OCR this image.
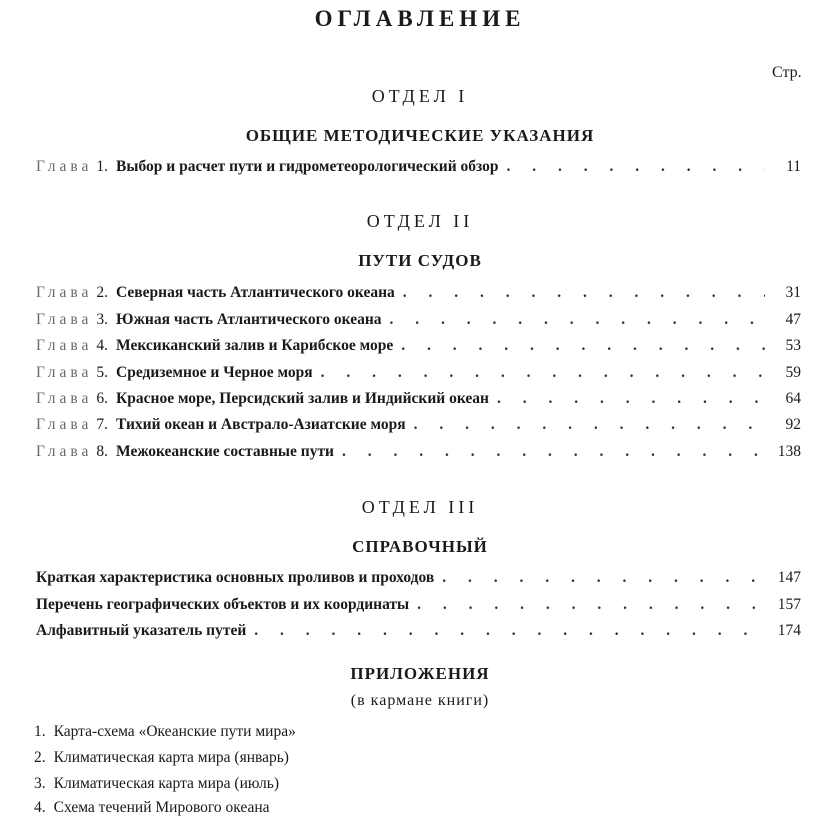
ОГЛАВЛЕНИЕ
Стр.
ОТДЕЛ I
ОБЩИЕ МЕТОДИЧЕСКИЕ УКАЗАНИЯ
Глава 1. Выбор и расчет пути и гидрометеорологический обзор . . .	11
ОТДЕЛ II
ПУТИ СУДОВ
Глава 2. Северная часть Атлантического океана . . .	31
Глава 3. Южная часть Атлантического океана . . .	47
Глава 4. Мексиканский залив и Карибское море . . .	53
Глава 5. Средиземное и Черное моря . . .	59
Глава 6. Красное море, Персидский залив и Индийский океан . . .	64
Глава 7. Тихий океан и Австрало-Азиатские моря . . .	92
Глава 8. Межокеанские составные пути . . .	138
ОТДЕЛ III
СПРАВОЧНЫЙ
Краткая характеристика основных проливов и проходов . . .	147
Перечень географических объектов и их координаты . . .	157
Алфавитный указатель путей . . .	174
ПРИЛОЖЕНИЯ
(в кармане книги)
1. Карта-схема «Океанские пути мира»
2. Климатическая карта мира (январь)
3. Климатическая карта мира (июль)
4. Схема течений Мирового океана
